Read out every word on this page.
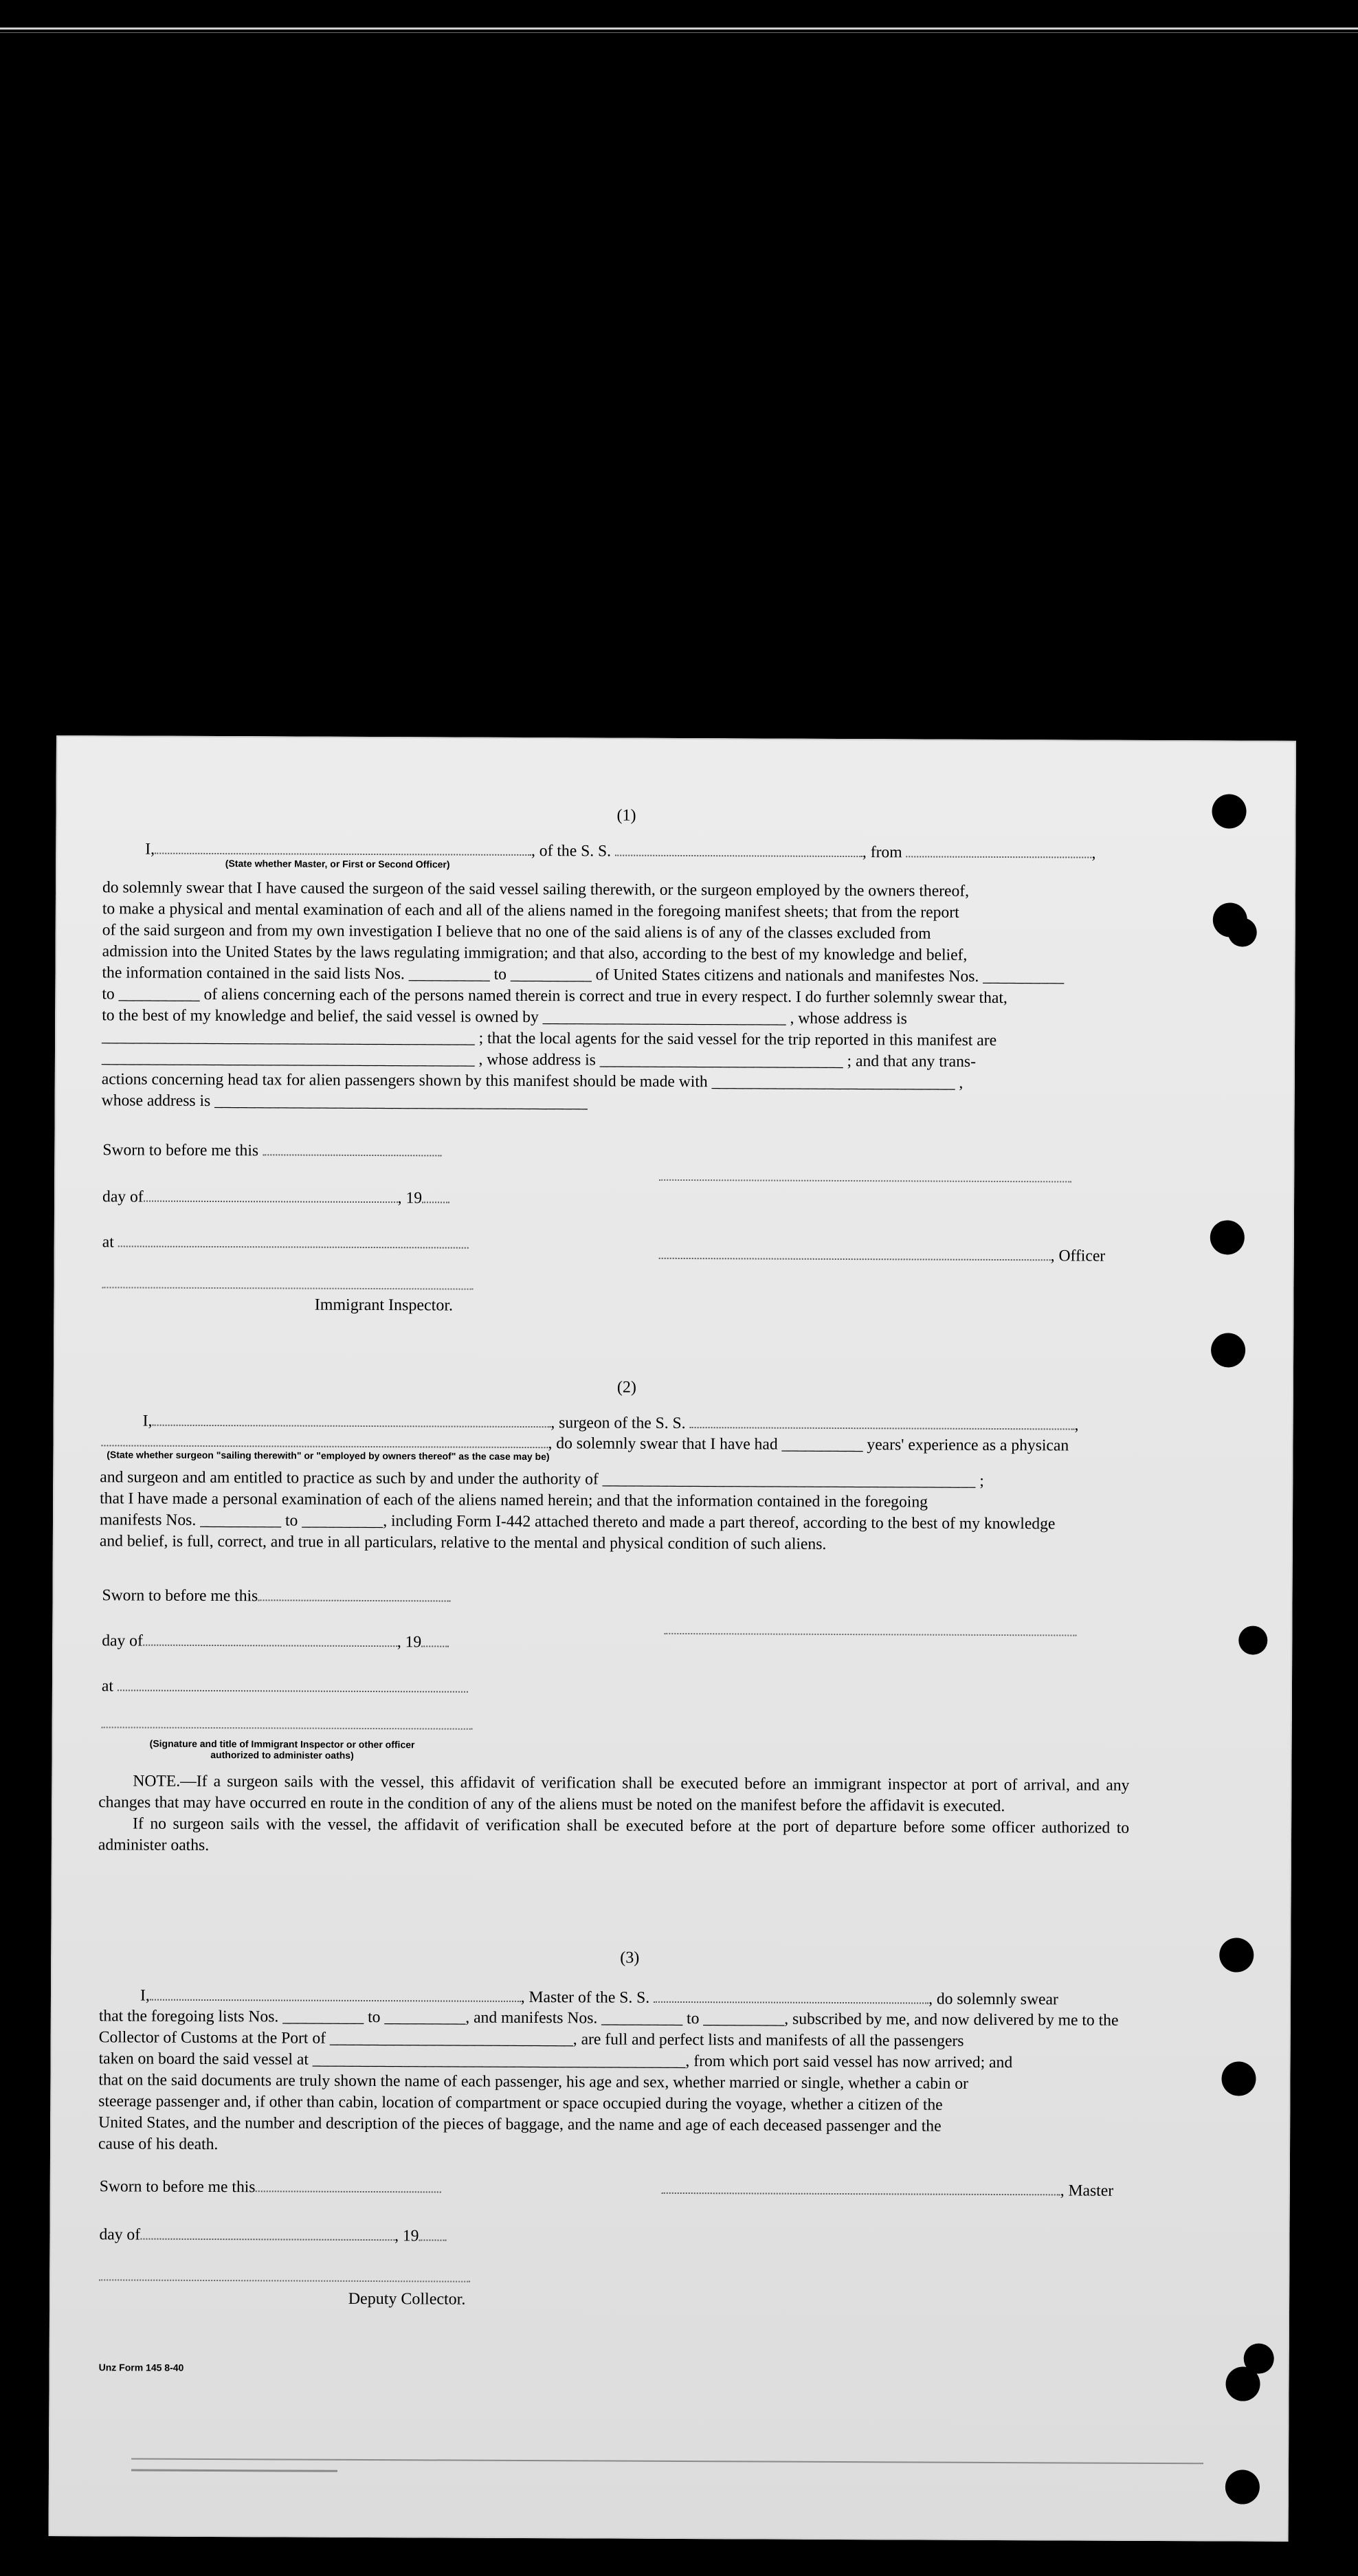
(1)
I,	, of the S. S.	, from	,
(State whether Master, or First or Second Officer)

do solemnly swear that I have caused the surgeon of the said vessel sailing therewith, or the surgeon employed by the owners thereof,

to make a physical and mental examination of each and all of the aliens named in the foregoing manifest sheets; that from the report

of the said surgeon and from my own investigation I believe that no one of the said aliens is of any of the classes excluded from

admission into the United States by the laws regulating immigration; and that also, according to the best of my knowledge and belief,

the information contained in the said lists Nos. __________ to __________ of United States citizens and nationals and manifestes Nos. __________

to __________ of aliens concerning each of the persons named therein is correct and true in every respect. I do further solemnly swear that,

to the best of my knowledge and belief, the said vessel is owned by ______________________________ , whose address is

______________________________________________ ; that the local agents for the said vessel for the trip reported in this manifest are

______________________________________________ , whose address is ______________________________ ; and that any trans-

actions concerning head tax for alien passengers shown by this manifest should be made with ______________________________ ,

whose address is ______________________________________________

Sworn to before me this
day of	, 19
at
, Officer
Immigrant Inspector.
(2)
I,	, surgeon of the S. S.	,
, do solemnly swear that I have had __________ years' experience as a physican
(State whether surgeon "sailing therewith" or "employed by owners thereof" as the case may be)

and surgeon and am entitled to practice as such by and under the authority of ______________________________________________ ;

that I have made a personal examination of each of the aliens named herein; and that the information contained in the foregoing

manifests Nos. __________ to __________, including Form I-442 attached thereto and made a part thereof, according to the best of my knowledge

and belief, is full, correct, and true in all particulars, relative to the mental and physical condition of such aliens.

Sworn to before me this
day of	, 19
at
(Signature and title of Immigrant Inspector or other officer authorized to administer oaths)

NOTE.—If a surgeon sails with the vessel, this affidavit of verification shall be executed before an immigrant inspector at port of arrival, and any changes that may have occurred en route in the condition of any of the aliens must be noted on the manifest before the affidavit is executed.

If no surgeon sails with the vessel, the affidavit of verification shall be executed before at the port of departure before some officer authorized to administer oaths.

(3)
I,	, Master of the S. S.	, do solemnly swear

that the foregoing lists Nos. __________ to __________, and manifests Nos. __________ to __________, subscribed by me, and now delivered by me to the

Collector of Customs at the Port of ______________________________, are full and perfect lists and manifests of all the passengers

taken on board the said vessel at ______________________________________________, from which port said vessel has now arrived; and

that on the said documents are truly shown the name of each passenger, his age and sex, whether married or single, whether a cabin or

steerage passenger and, if other than cabin, location of compartment or space occupied during the voyage, whether a citizen of the

United States, and the number and description of the pieces of baggage, and the name and age of each deceased passenger and the

cause of his death.

Sworn to before me this	, Master
day of	, 19
Deputy Collector.
Unz Form 145 8-40
